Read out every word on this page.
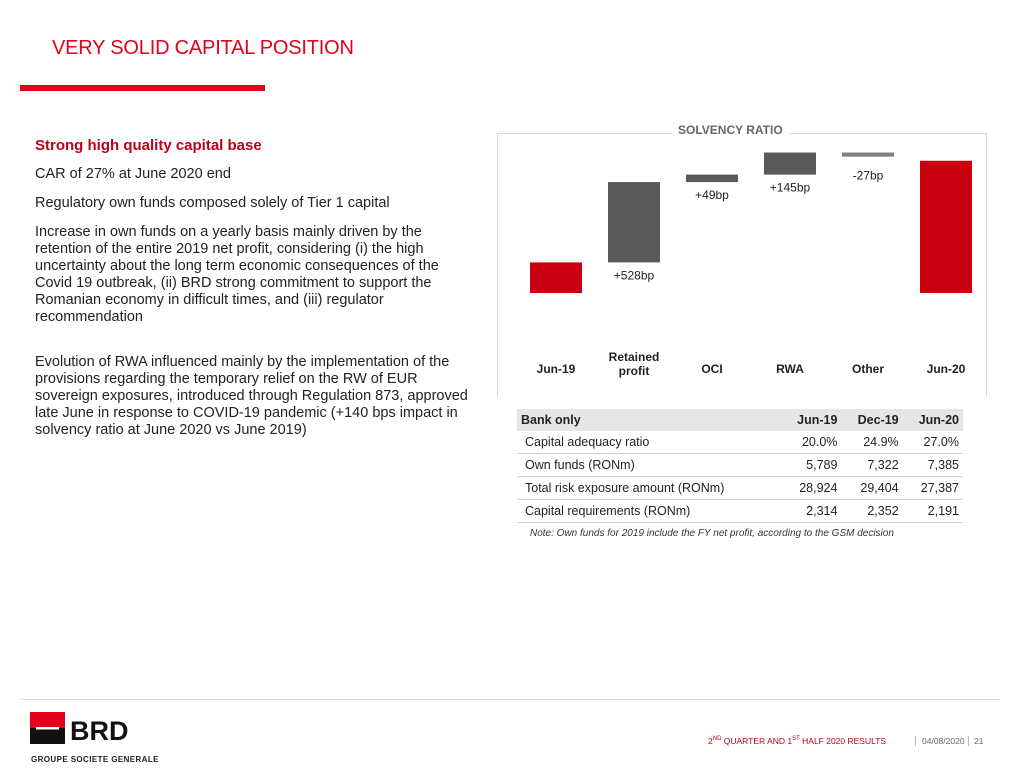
VERY SOLID CAPITAL POSITION

Strong high quality capital base

CAR of 27% at June 2020 end

Regulatory own funds composed solely of Tier 1 capital

Increase in own funds on a yearly basis mainly driven by the retention of the entire 2019 net profit, considering (i) the high uncertainty about the long term economic consequences of the Covid 19 outbreak, (ii) BRD strong commitment to support the Romanian economy in difficult times, and (iii) regulator recommendation

Evolution of RWA influenced mainly by the implementation of the provisions regarding the temporary relief on the RW of EUR sovereign exposures, introduced through Regulation 873, approved late June in response to COVID-19 pandemic (+140 bps impact in solvency ratio at June 2020 vs June 2019)

SOLVENCY RATIO
20.01%
Jun-19
+528bp
Retained
profit
+49bp
OCI
+145bp
RWA
-27bp
Other
26.69%
Jun-20
Bank only	Jun-19	Dec-19	Jun-20
Capital adequacy ratio	20.0%	24.9%	27.0%
Own funds (RONm)	5,789	7,322	7,385
Total risk exposure amount (RONm)	28,924	29,404	27,387
Capital requirements (RONm)	2,314	2,352	2,191
Note: Own funds for 2019 include the FY net profit, according to the GSM decision
BRD
GROUPE SOCIETE GENERALE
2ND QUARTER AND 1ST HALF 2020 RESULTS	04/08/2020	21
